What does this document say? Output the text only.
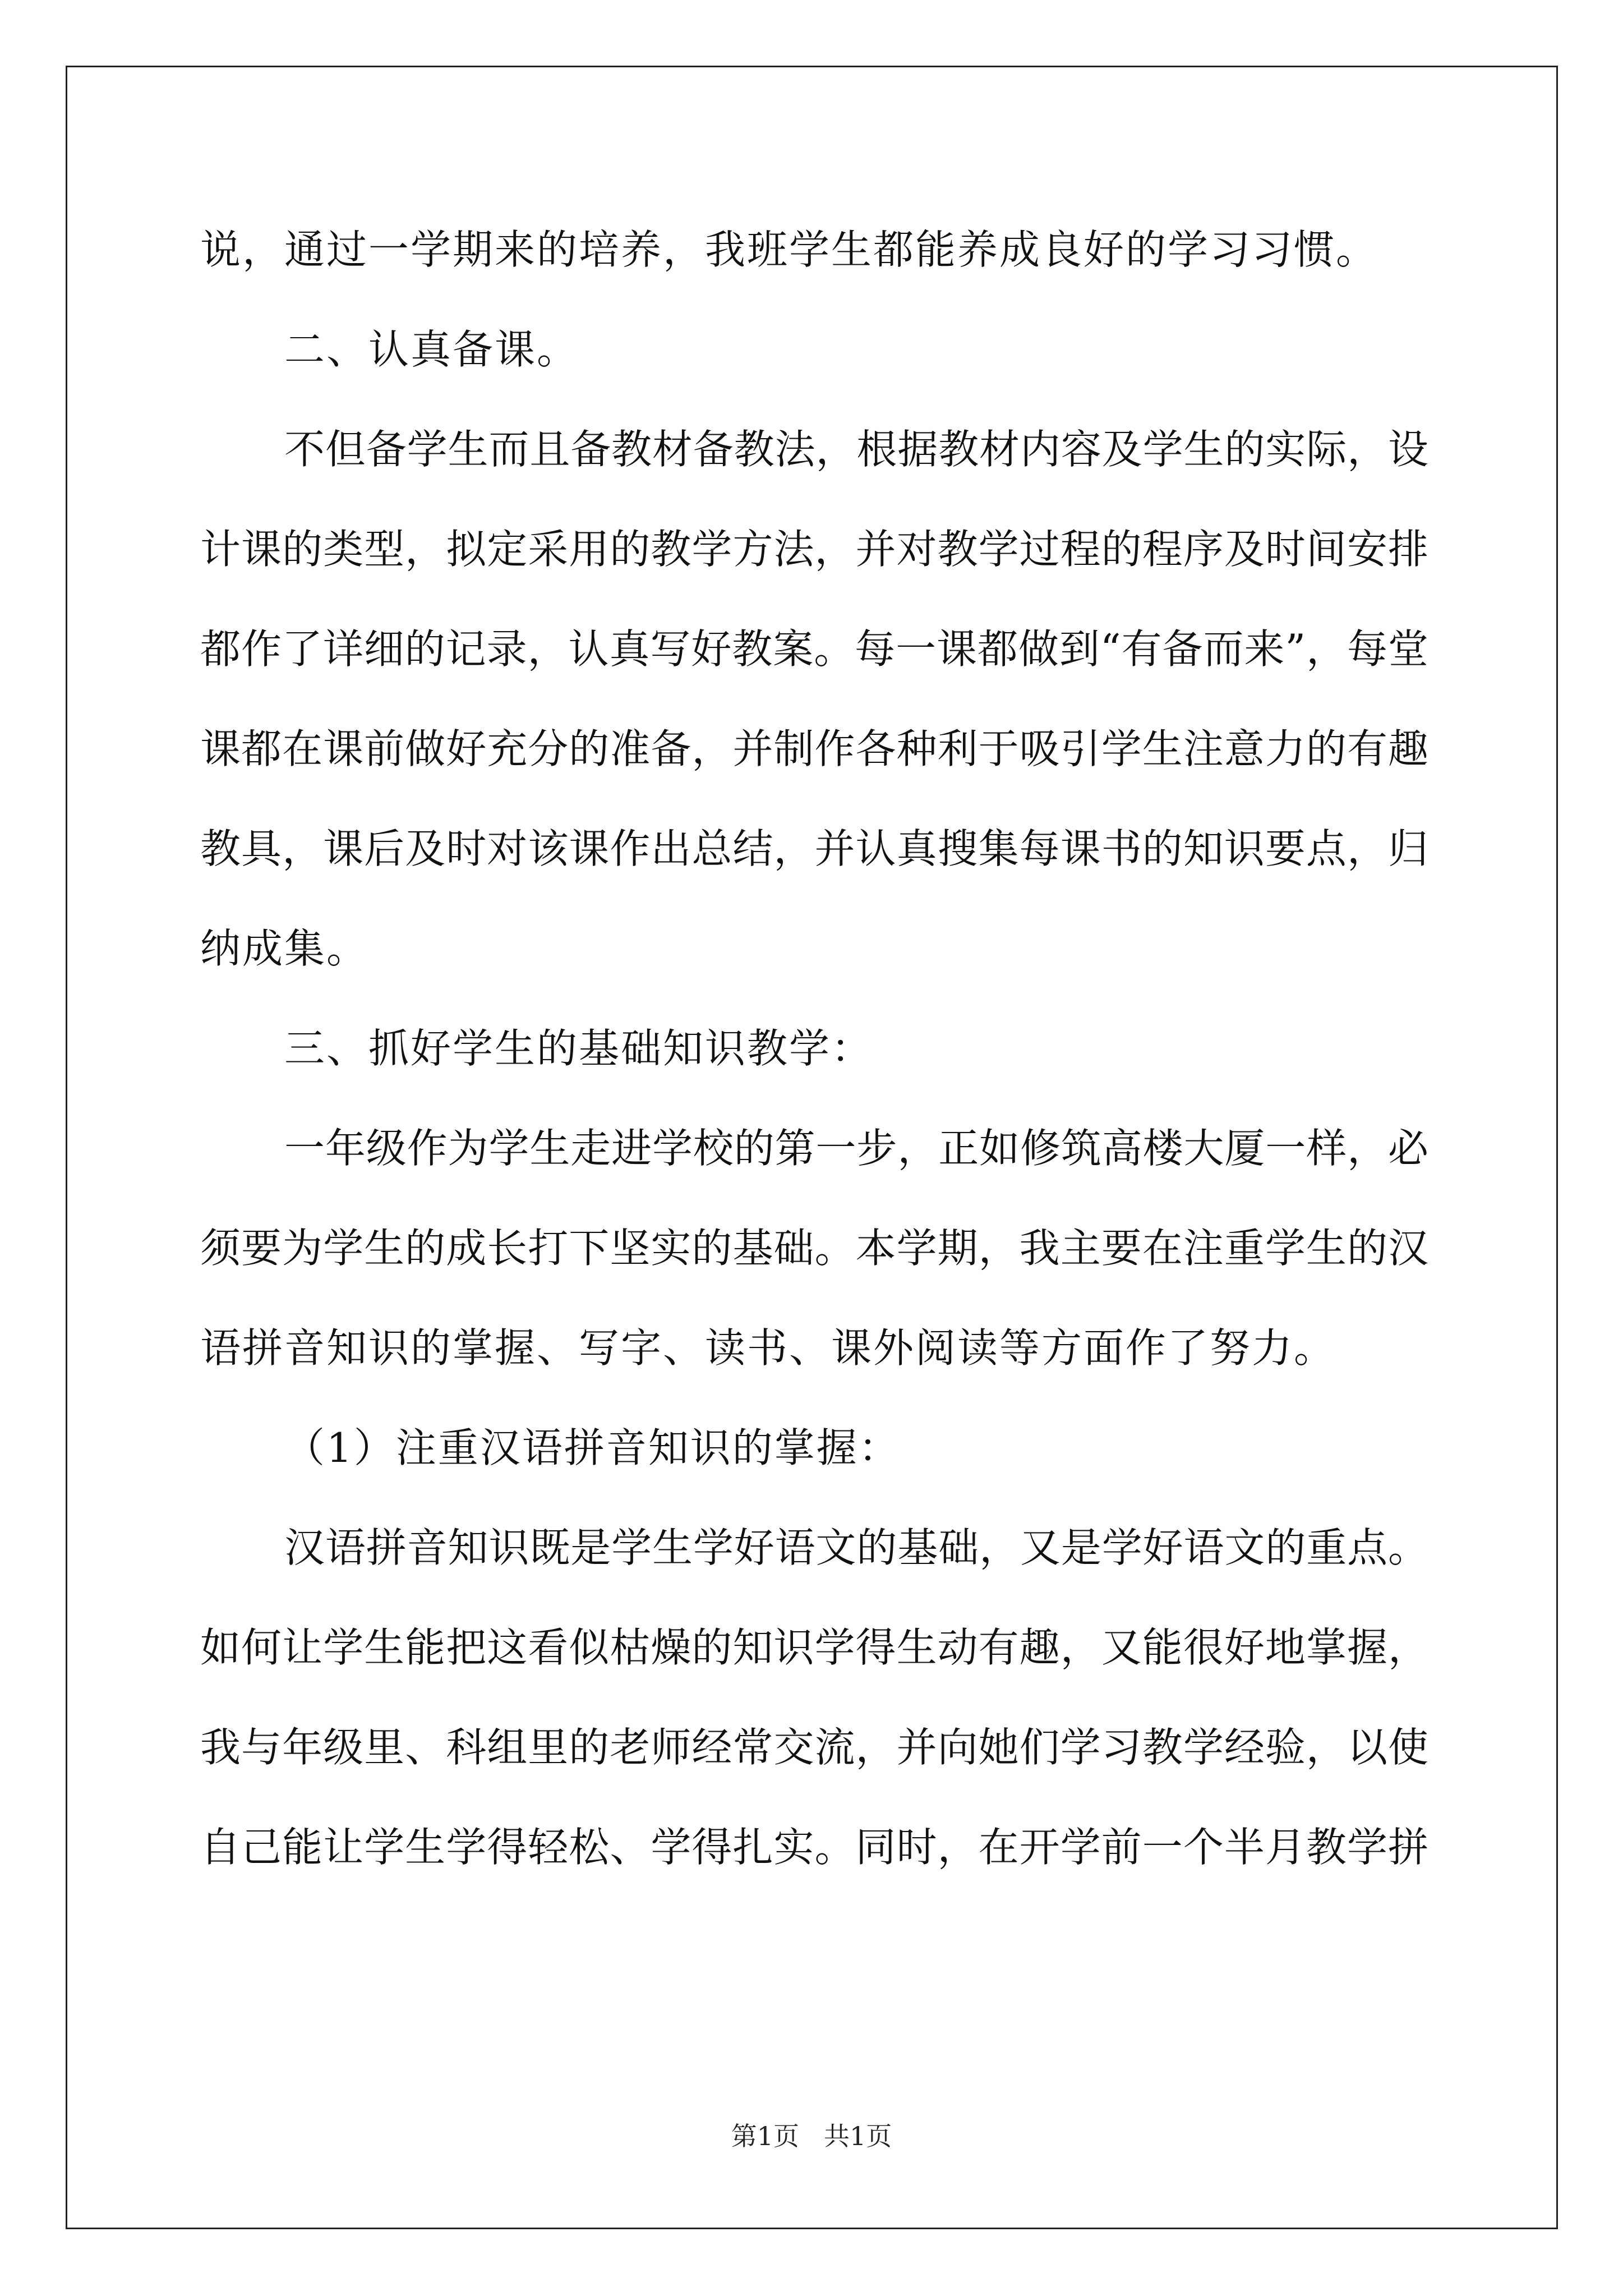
说，通过一学期来的培养，我班学生都能养成良好的学习习惯。
二、认真备课。
不但备学生而且备教材备教法，根据教材内容及学生的实际，设
计课的类型，拟定采用的教学方法，并对教学过程的程序及时间安排
都作了详细的记录，认真写好教案。每一课都做到“有备而来”，每堂
课都在课前做好充分的准备，并制作各种利于吸引学生注意力的有趣
教具，课后及时对该课作出总结，并认真搜集每课书的知识要点，归
纳成集。
三、抓好学生的基础知识教学：
一年级作为学生走进学校的第一步，正如修筑高楼大厦一样，必
须要为学生的成长打下坚实的基础。本学期，我主要在注重学生的汉
语拼音知识的掌握、写字、读书、课外阅读等方面作了努力。
（1）注重汉语拼音知识的掌握：
汉语拼音知识既是学生学好语文的基础，又是学好语文的重点。
如何让学生能把这看似枯燥的知识学得生动有趣，又能很好地掌握，
我与年级里、科组里的老师经常交流，并向她们学习教学经验，以使
自己能让学生学得轻松、学得扎实。同时，在开学前一个半月教学拼
第1页 共1页
